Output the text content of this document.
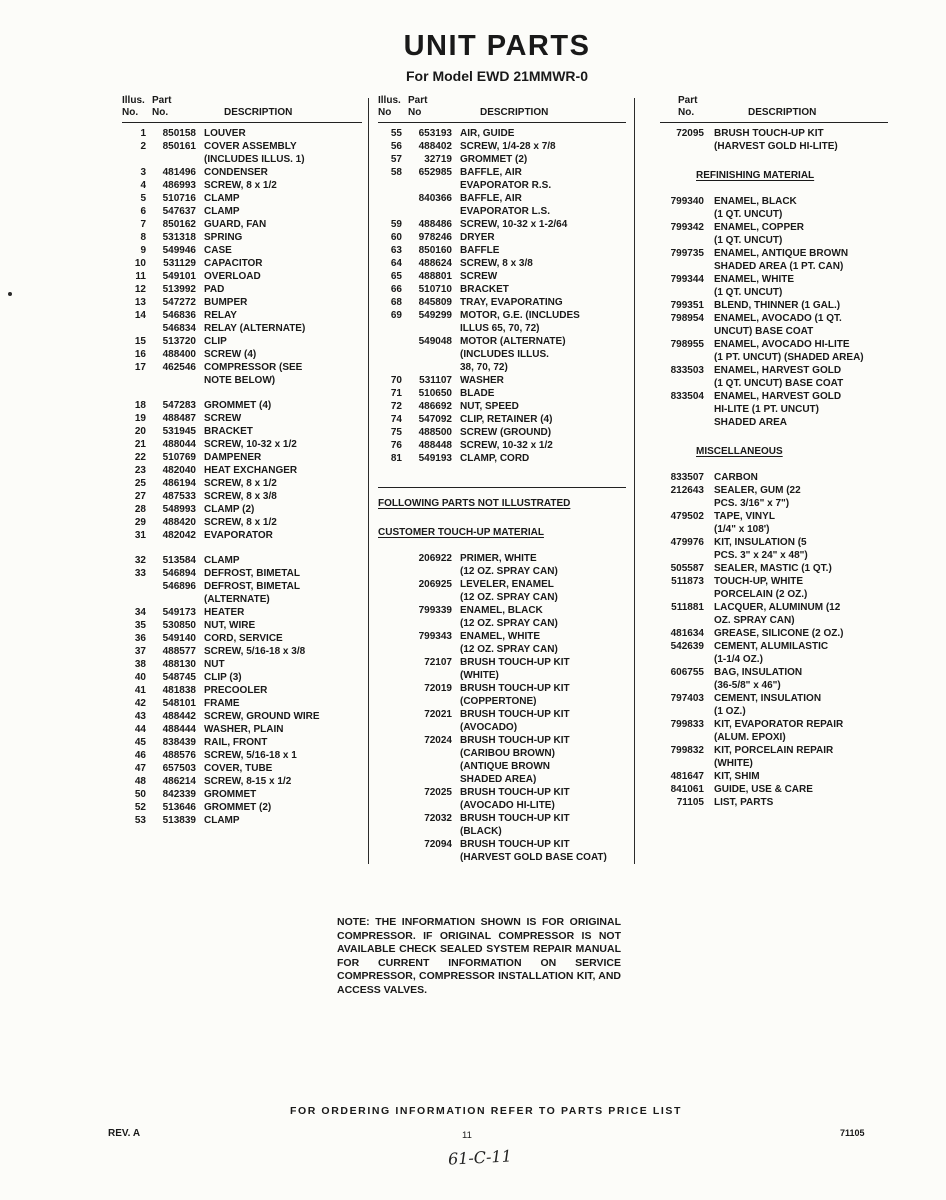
UNIT PARTS
For Model EWD 21MMWR-0
Illus. Part
No.	No.	DESCRIPTION
1	850158 LOUVER
2	850161 COVER ASSEMBLY
(INCLUDES ILLUS. 1)
3	481496 CONDENSER
4	486993 SCREW, 8 x 1/2
5	510716 CLAMP
6	547637 CLAMP
7	850162 GUARD, FAN
8	531318 SPRING
9	549946 CASE
10	531129 CAPACITOR
11	549101 OVERLOAD
12	513992 PAD
13	547272 BUMPER
14	546836 RELAY
546834 RELAY (ALTERNATE)
15	513720 CLIP
16	488400 SCREW (4)
17	462546 COMPRESSOR (SEE
NOTE BELOW)
18	547283 GROMMET (4)
19	488487 SCREW
20	531945 BRACKET
21	488044 SCREW, 10-32 x 1/2
22	510769 DAMPENER
23	482040 HEAT EXCHANGER
25	486194 SCREW, 8 x 1/2
27	487533 SCREW, 8 x 3/8
28	548993 CLAMP (2)
29	488420 SCREW, 8 x 1/2
31	482042 EVAPORATOR
32	513584 CLAMP
33	546894 DEFROST, BIMETAL
546896 DEFROST, BIMETAL
(ALTERNATE)
34	549173 HEATER
35	530850 NUT, WIRE
36	549140 CORD, SERVICE
37	488577 SCREW, 5/16-18 x 3/8
38	488130 NUT
40	548745 CLIP (3)
41	481838 PRECOOLER
42	548101 FRAME
43	488442 SCREW, GROUND WIRE
44	488444 WASHER, PLAIN
45	838439 RAIL, FRONT
46	488576 SCREW, 5/16-18 x 1
47	657503 COVER, TUBE
48	486214 SCREW, 8-15 x 1/2
50	842339 GROMMET
52	513646 GROMMET (2)
53	513839 CLAMP
Illus. Part
No	No	DESCRIPTION
55	653193 AIR, GUIDE
56	488402 SCREW, 1/4-28 x 7/8
57	32719 GROMMET (2)
58	652985 BAFFLE, AIR
EVAPORATOR R.S.
840366 BAFFLE, AIR
EVAPORATOR L.S.
59	488486 SCREW, 10-32 x 1-2/64
60	978246 DRYER
63	850160 BAFFLE
64	488624 SCREW, 8 x 3/8
65	488801 SCREW
66	510710 BRACKET
68	845809 TRAY, EVAPORATING
69	549299 MOTOR, G.E. (INCLUDES
ILLUS 65, 70, 72)
549048 MOTOR (ALTERNATE)
(INCLUDES ILLUS.
38, 70, 72)
70	531107 WASHER
71	510650 BLADE
72	486692 NUT, SPEED
74	547092 CLIP, RETAINER (4)
75	488500 SCREW (GROUND)
76	488448 SCREW, 10-32 x 1/2
81	549193 CLAMP, CORD
FOLLOWING PARTS NOT ILLUSTRATED
CUSTOMER TOUCH-UP MATERIAL
206922 PRIMER, WHITE
(12 OZ. SPRAY CAN)
206925 LEVELER, ENAMEL
(12 OZ. SPRAY CAN)
799339 ENAMEL, BLACK
(12 OZ. SPRAY CAN)
799343 ENAMEL, WHITE
(12 OZ. SPRAY CAN)
72107 BRUSH TOUCH-UP KIT
(WHITE)
72019 BRUSH TOUCH-UP KIT
(COPPERTONE)
72021 BRUSH TOUCH-UP KIT
(AVOCADO)
72024 BRUSH TOUCH-UP KIT
(CARIBOU BROWN)
(ANTIQUE BROWN
SHADED AREA)
72025 BRUSH TOUCH-UP KIT
(AVOCADO HI-LITE)
72032 BRUSH TOUCH-UP KIT
(BLACK)
72094 BRUSH TOUCH-UP KIT
(HARVEST GOLD BASE COAT)
Part
No.	DESCRIPTION
72095 BRUSH TOUCH-UP KIT
(HARVEST GOLD HI-LITE)
REFINISHING MATERIAL
799340 ENAMEL, BLACK
(1 QT. UNCUT)
799342 ENAMEL, COPPER
(1 QT. UNCUT)
799735 ENAMEL, ANTIQUE BROWN
SHADED AREA (1 PT. CAN)
799344 ENAMEL, WHITE
(1 QT. UNCUT)
799351 BLEND, THINNER (1 GAL.)
798954 ENAMEL, AVOCADO (1 QT.
UNCUT) BASE COAT
798955 ENAMEL, AVOCADO HI-LITE
(1 PT. UNCUT) (SHADED AREA)
833503 ENAMEL, HARVEST GOLD
(1 QT. UNCUT) BASE COAT
833504 ENAMEL, HARVEST GOLD
HI-LITE (1 PT. UNCUT)
SHADED AREA
MISCELLANEOUS
833507 CARBON
212643 SEALER, GUM (22
PCS. 3/16" x 7")
479502 TAPE, VINYL
(1/4" x 108')
479976 KIT, INSULATION (5
PCS. 3" x 24" x 48")
505587 SEALER, MASTIC (1 QT.)
511873 TOUCH-UP, WHITE
PORCELAIN (2 OZ.)
511881 LACQUER, ALUMINUM (12
OZ. SPRAY CAN)
481634 GREASE, SILICONE (2 OZ.)
542639 CEMENT, ALUMILASTIC
(1-1/4 OZ.)
606755 BAG, INSULATION
(36-5/8" x 46")
797403 CEMENT, INSULATION
(1 OZ.)
799833 KIT, EVAPORATOR REPAIR
(ALUM. EPOXI)
799832 KIT, PORCELAIN REPAIR
(WHITE)
481647 KIT, SHIM
841061 GUIDE, USE & CARE
71105 LIST, PARTS
NOTE: THE INFORMATION SHOWN IS FOR ORIGINAL COMPRESSOR. IF ORIGINAL COMPRESSOR IS NOT AVAILABLE CHECK SEALED SYSTEM REPAIR MANUAL FOR CURRENT INFORMATION ON SERVICE COMPRESSOR, COMPRESSOR INSTALLATION KIT, AND ACCESS VALVES.
FOR ORDERING INFORMATION REFER TO PARTS PRICE LIST
REV. A	11	71105
61-C-11
